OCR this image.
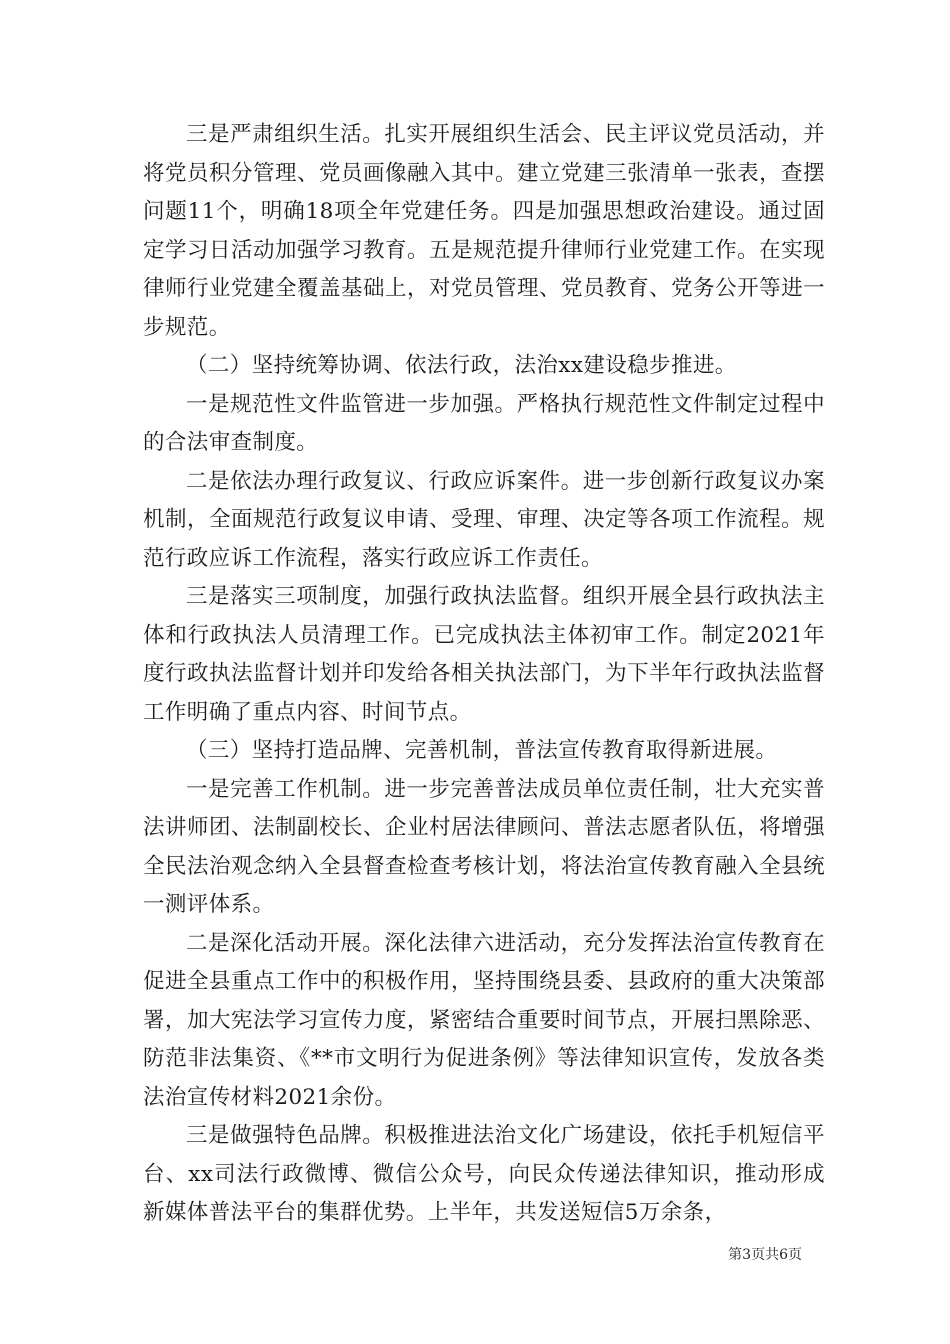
三是严肃组织生活。扎实开展组织生活会、民主评议党员活动，并将党员积分管理、党员画像融入其中。建立党建三张清单一张表，查摆问题11个，明确18项全年党建任务。四是加强思想政治建设。通过固定学习日活动加强学习教育。五是规范提升律师行业党建工作。在实现律师行业党建全覆盖基础上，对党员管理、党员教育、党务公开等进一步规范。

（二）坚持统筹协调、依法行政，法治xx建设稳步推进。

一是规范性文件监管进一步加强。严格执行规范性文件制定过程中的合法审查制度。

二是依法办理行政复议、行政应诉案件。进一步创新行政复议办案机制，全面规范行政复议申请、受理、审理、决定等各项工作流程。规范行政应诉工作流程，落实行政应诉工作责任。

三是落实三项制度，加强行政执法监督。组织开展全县行政执法主体和行政执法人员清理工作。已完成执法主体初审工作。制定2021年度行政执法监督计划并印发给各相关执法部门，为下半年行政执法监督工作明确了重点内容、时间节点。

（三）坚持打造品牌、完善机制，普法宣传教育取得新进展。

一是完善工作机制。进一步完善普法成员单位责任制，壮大充实普法讲师团、法制副校长、企业村居法律顾问、普法志愿者队伍，将增强全民法治观念纳入全县督查检查考核计划，将法治宣传教育融入全县统一测评体系。

二是深化活动开展。深化法律六进活动，充分发挥法治宣传教育在促进全县重点工作中的积极作用，坚持围绕县委、县政府的重大决策部署，加大宪法学习宣传力度，紧密结合重要时间节点，开展扫黑除恶、防范非法集资、《**市文明行为促进条例》等法律知识宣传，发放各类法治宣传材料2021余份。

三是做强特色品牌。积极推进法治文化广场建设，依托手机短信平台、xx司法行政微博、微信公众号，向民众传递法律知识，推动形成新媒体普法平台的集群优势。上半年，共发送短信5万余条，

第3页共6页
